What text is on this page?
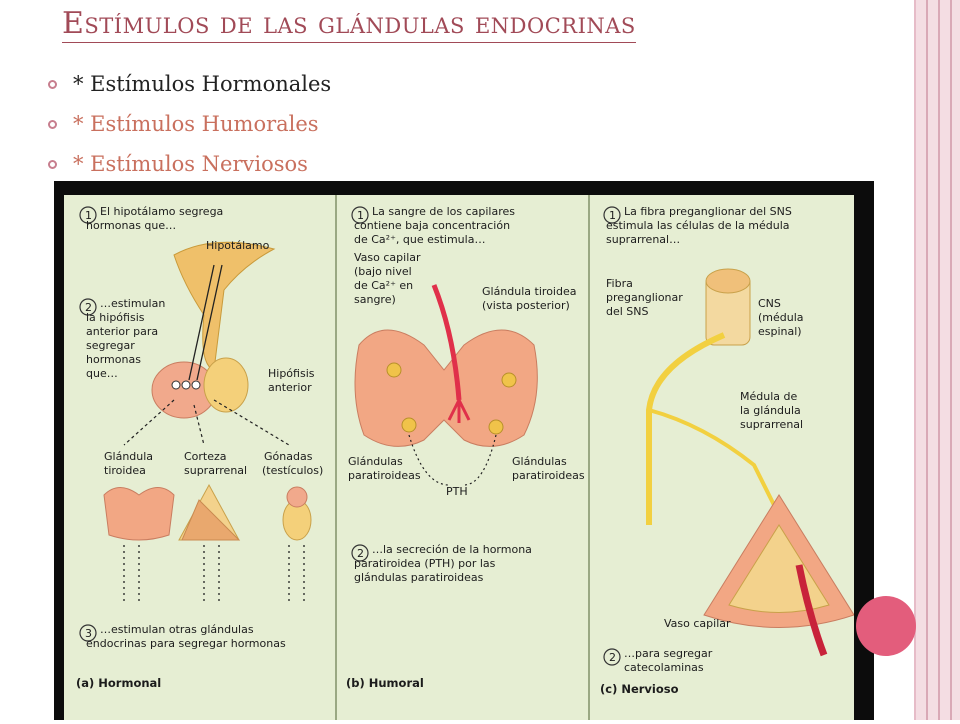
Estímulos de las glándulas endocrinas
* Estímulos Hormonales
* Estímulos Humorales
* Estímulos Nerviosos
1 El hipotálamo segrega
hormonas que…
Hipotálamo
2 …estimulan
la hipófisis
anterior para
segregar
hormonas
que…	Hipófisis
anterior
Glándula
tiroidea
Corteza
suprarrenal
Gónadas
(testículos)
3 …estimulan otras glándulas
endocrinas para segregar hormonas
(a) Hormonal
1 La sangre de los capilares
contiene baja concentración
de Ca²⁺, que estimula…
Vaso capilar
(bajo nivel
de Ca²⁺ en
sangre)
Glándula tiroidea
(vista posterior)
Glándulas
paratiroideas
Glándulas
paratiroideas
PTH
2 …la secreción de la hormona
paratiroidea (PTH) por las
glándulas paratiroideas
(b) Humoral
1 La fibra preganglionar del SNS
estimula las células de la médula
suprarrenal…
Fibra
preganglionar
del SNS
CNS
(médula
espinal)
Médula de
la glándula
suprarrenal
Vaso capilar
2 …para segregar
catecolaminas
(c) Nervioso
